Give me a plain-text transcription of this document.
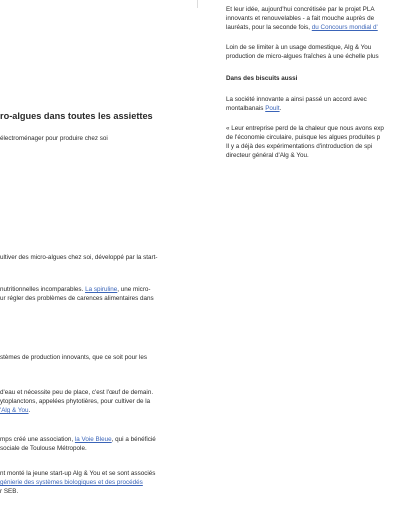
Et leur idée, aujourd'hui concrétisée par le projet PLA

innovants et renouvelables - a fait mouche auprès de

lauréats, pour la seconde fois, du Concours mondial d'

Loin de se limiter à un usage domestique, Alg & You

production de micro-algues fraîches à une échelle plus

Dans des biscuits aussi

La société innovante a ainsi passé un accord avec

montalbanais Poult.

« Leur entreprise perd de la chaleur que nous avons exp

de l'économie circulaire, puisque les algues produites p

Il y a déjà des expérimentations d'introduction de spi

directeur général d'Alg & You.

ro-algues dans toutes les assiettes

électroménager pour produire chez soi

ultiver des micro-algues chez soi, développé par la start-

nutritionnelles incomparables. La spiruline, une micro-

ur régler des problèmes de carences alimentaires dans

stèmes de production innovants, que ce soit pour les

d'eau et nécessite peu de place, c'est l'œuf de demain.

ytoplanctons, appelées phytotières, pour cultiver de la

'Alg & You.

mps créé une association, la Voie Bleue, qui a bénéficié

sociale de Toulouse Métropole.

nt monté la jeune start-up Alg & You et se sont associés

génierie des systèmes biologiques et des procédés

r SEB.
